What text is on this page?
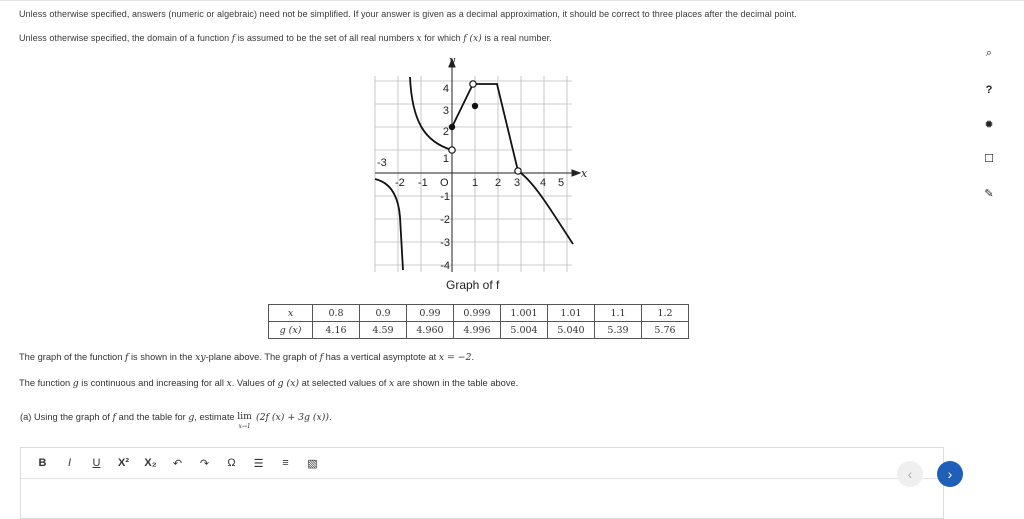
Unless otherwise specified, answers (numeric or algebraic) need not be simplified. If your answer is given as a decimal approximation, it should be correct to three places after the decimal point.
Unless otherwise specified, the domain of a function f is assumed to be the set of all real numbers x for which f (x) is a real number.
y
x
O
-3
-2 -1	1 2 3 4 5
4
3
2
1
-1
-2
-3
-4
Graph of f
x	0.8	0.9	0.99	0.999	1.001	1.01	1.1	1.2
g (x)	4.16	4.59	4.960	4.996	5.004	5.040	5.39	5.76
The graph of the function f is shown in the xy-plane above. The graph of f has a vertical asymptote at x = −2.
The function g is continuous and increasing for all x. Values of g (x) at selected values of x are shown in the table above.
(a) Using the graph of f and the table for g, estimate lim
x→1(2f (x) + 3g (x)).
B	I	U	X²	X₂	↶	↷	Ω	☰	≡	▧
⌕
?
✹
☐
✎
‹	›
